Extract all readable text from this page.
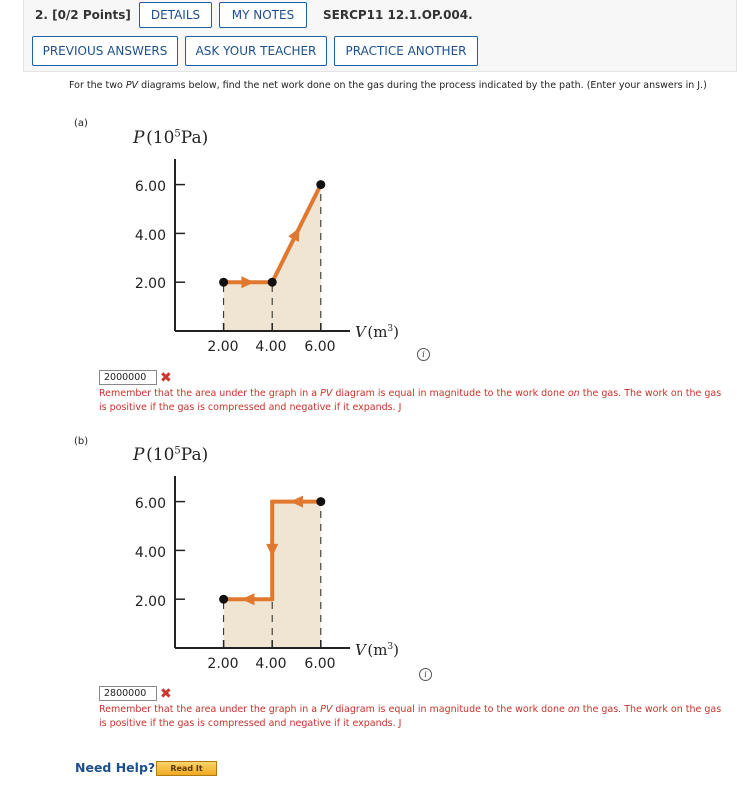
2. [0/2 Points]	DETAILS	MY NOTES	SERCP11 12.1.OP.004.
PREVIOUS ANSWERS	ASK YOUR TEACHER	PRACTICE ANOTHER
For the two PV diagrams below, find the net work done on the gas during the process indicated by the path. (Enter your answers in J.)
(a)
P $(10^5Pa)$
6.00
4.00
2.00
2.00	4.00	6.00
V $(m^3)$
i
2000000 ✖
Remember that the area under the graph in a PV diagram is equal in magnitude to the work done on the gas. The work on the gas is positive if the gas is compressed and negative if it expands. J
(b)
P $(10^5Pa)$
6.00
4.00
2.00
2.00	4.00	6.00
V $(m^3)$
i
2800000 ✖
Remember that the area under the graph in a PV diagram is equal in magnitude to the work done on the gas. The work on the gas is positive if the gas is compressed and negative if it expands. J
Need Help?	Read It
